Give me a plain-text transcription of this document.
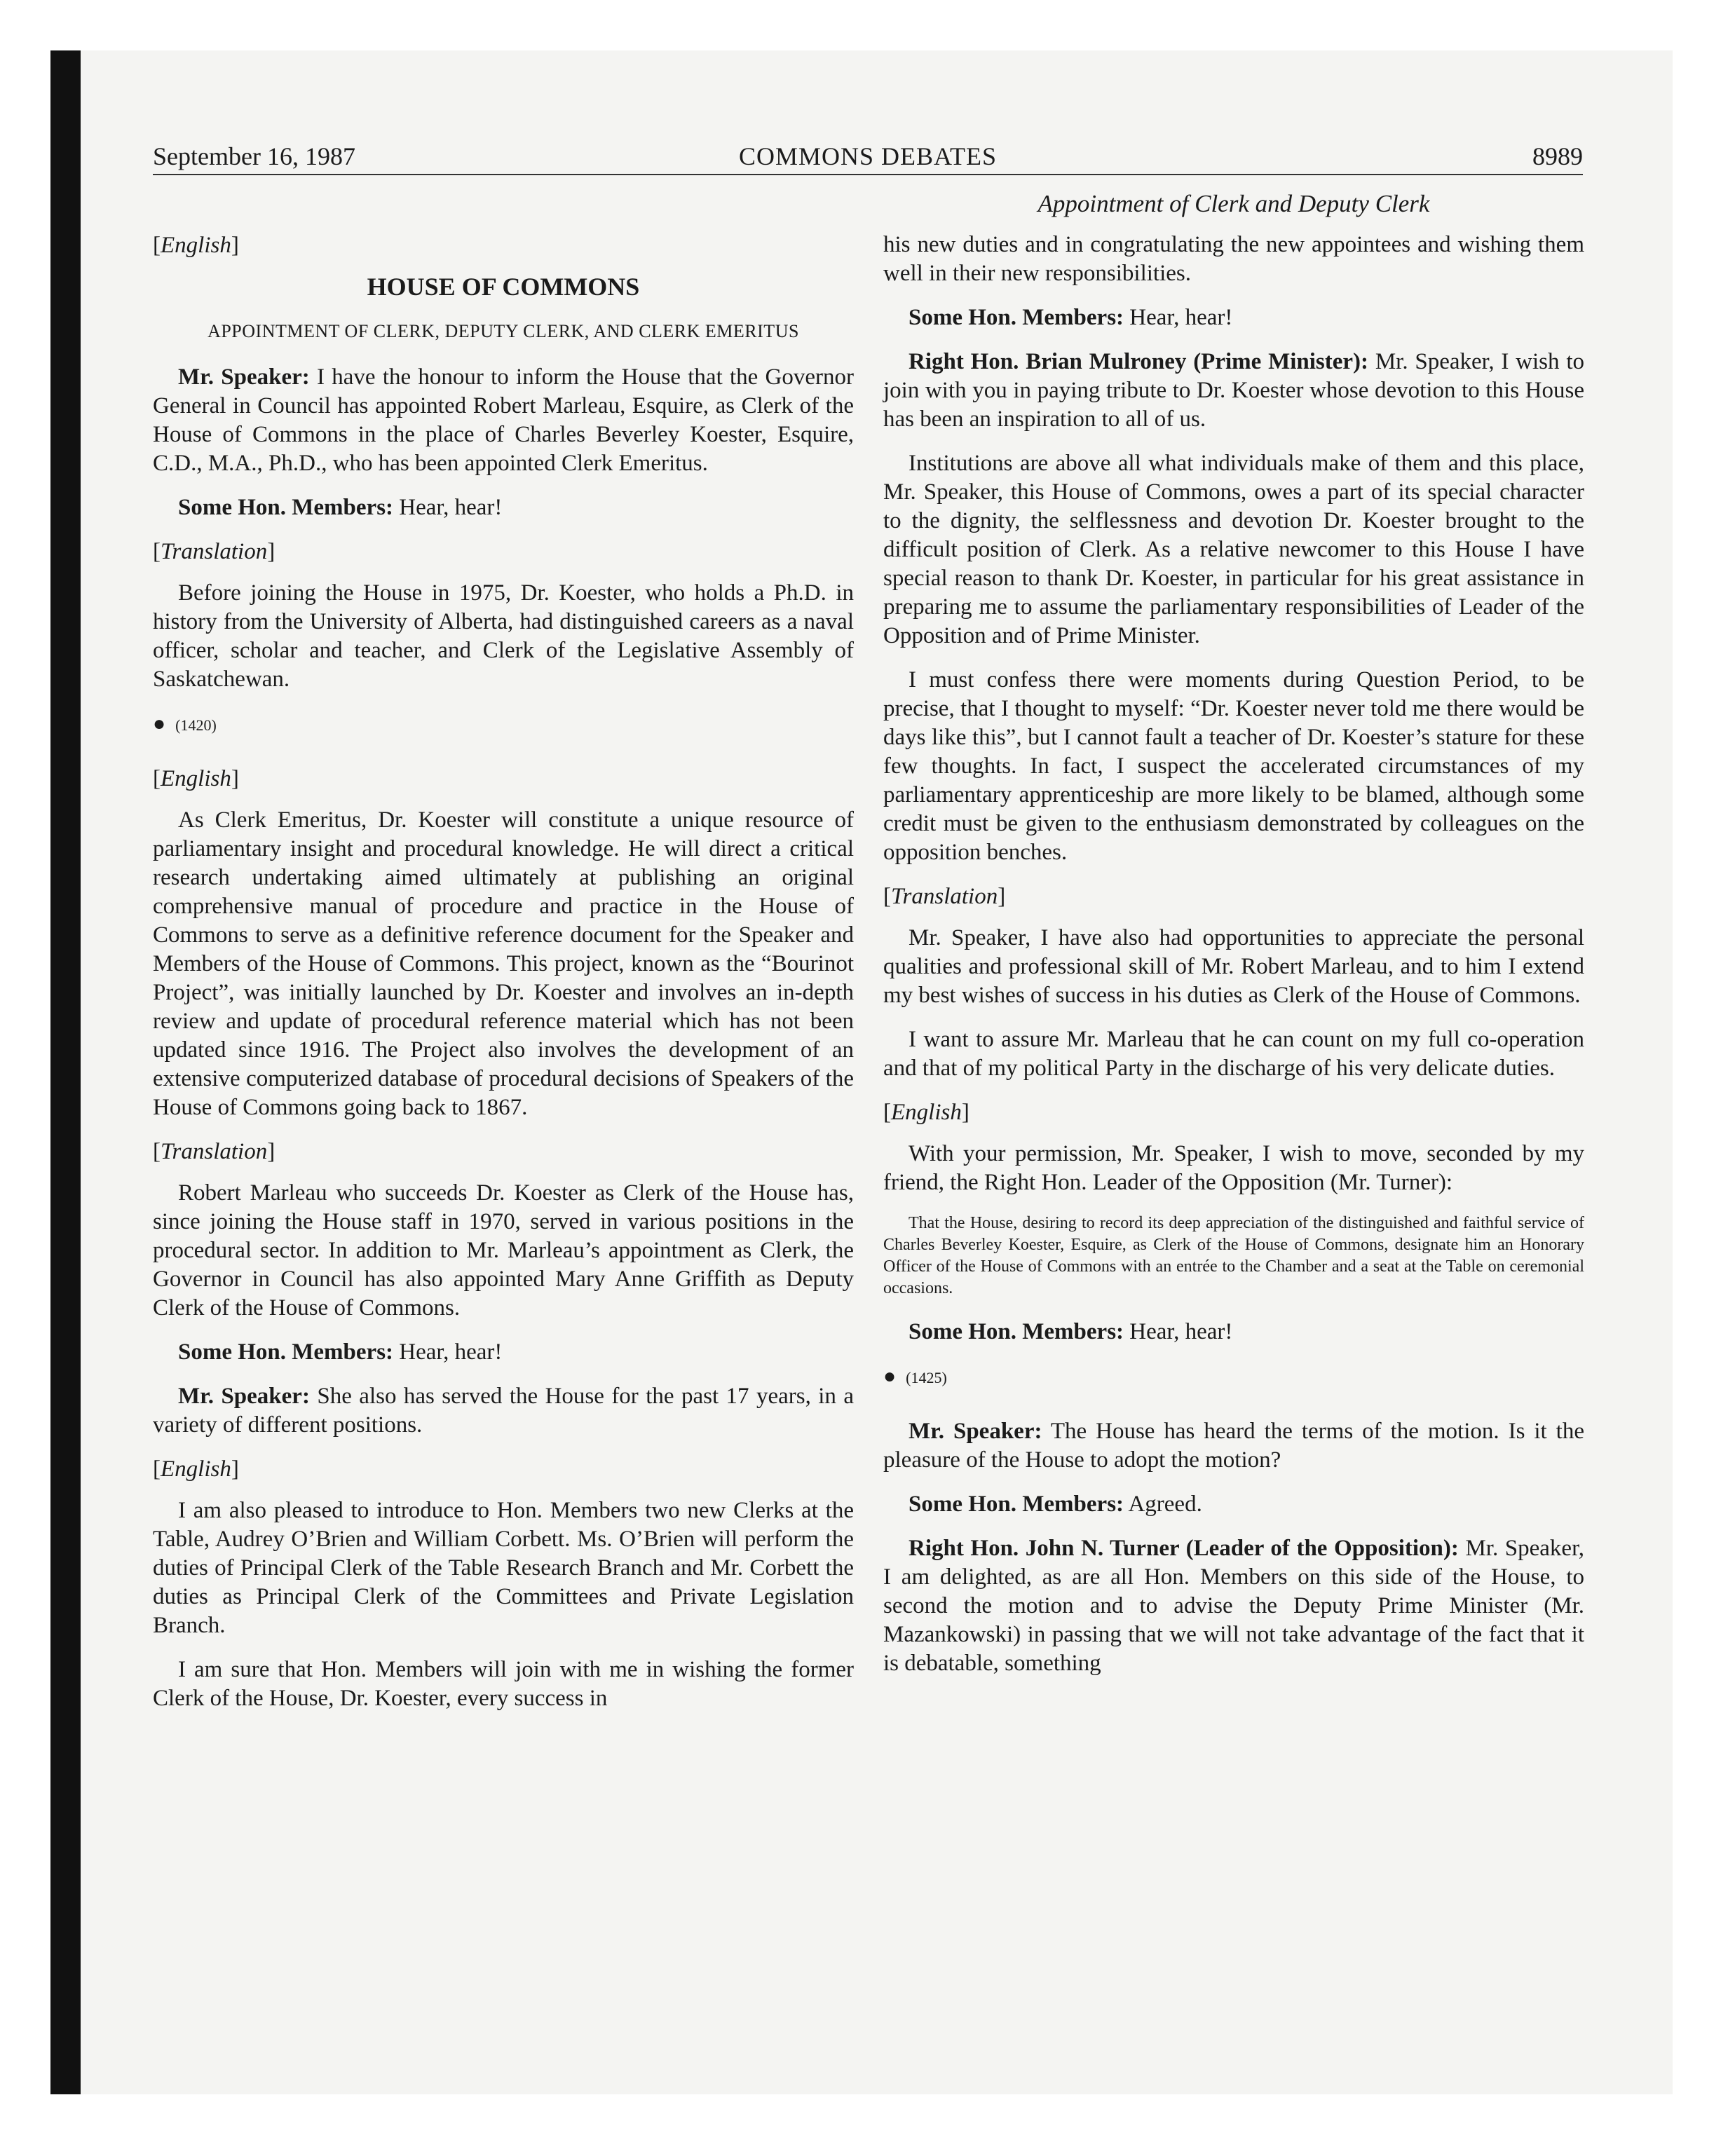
September 16, 1987	COMMONS DEBATES	8989

[English]

HOUSE OF COMMONS

APPOINTMENT OF CLERK, DEPUTY CLERK, AND CLERK EMERITUS

Mr. Speaker: I have the honour to inform the House that the Governor General in Council has appointed Robert Marleau, Esquire, as Clerk of the House of Commons in the place of Charles Beverley Koester, Esquire, C.D., M.A., Ph.D., who has been appointed Clerk Emeritus.

Some Hon. Members: Hear, hear!

[Translation]

Before joining the House in 1975, Dr. Koester, who holds a Ph.D. in history from the University of Alberta, had distinguished careers as a naval officer, scholar and teacher, and Clerk of the Legislative Assembly of Saskatchewan.

● (1420)

[English]

As Clerk Emeritus, Dr. Koester will constitute a unique resource of parliamentary insight and procedural knowledge. He will direct a critical research undertaking aimed ultimately at publishing an original comprehensive manual of procedure and practice in the House of Commons to serve as a definitive reference document for the Speaker and Members of the House of Commons. This project, known as the “Bourinot Project”, was initially launched by Dr. Koester and involves an in-depth review and update of procedural reference material which has not been updated since 1916. The Project also involves the development of an extensive computerized database of procedural decisions of Speakers of the House of Commons going back to 1867.

[Translation]

Robert Marleau who succeeds Dr. Koester as Clerk of the House has, since joining the House staff in 1970, served in various positions in the procedural sector. In addition to Mr. Marleau’s appointment as Clerk, the Governor in Council has also appointed Mary Anne Griffith as Deputy Clerk of the House of Commons.

Some Hon. Members: Hear, hear!

Mr. Speaker: She also has served the House for the past 17 years, in a variety of different positions.

[English]

I am also pleased to introduce to Hon. Members two new Clerks at the Table, Audrey O’Brien and William Corbett. Ms. O’Brien will perform the duties of Principal Clerk of the Table Research Branch and Mr. Corbett the duties as Principal Clerk of the Committees and Private Legislation Branch.

I am sure that Hon. Members will join with me in wishing the former Clerk of the House, Dr. Koester, every success in

Appointment of Clerk and Deputy Clerk

his new duties and in congratulating the new appointees and wishing them well in their new responsibilities.

Some Hon. Members: Hear, hear!

Right Hon. Brian Mulroney (Prime Minister): Mr. Speaker, I wish to join with you in paying tribute to Dr. Koester whose devotion to this House has been an inspiration to all of us.

Institutions are above all what individuals make of them and this place, Mr. Speaker, this House of Commons, owes a part of its special character to the dignity, the selflessness and devotion Dr. Koester brought to the difficult position of Clerk. As a relative newcomer to this House I have special reason to thank Dr. Koester, in particular for his great assistance in preparing me to assume the parliamentary responsibilities of Leader of the Opposition and of Prime Minister.

I must confess there were moments during Question Period, to be precise, that I thought to myself: “Dr. Koester never told me there would be days like this”, but I cannot fault a teacher of Dr. Koester’s stature for these few thoughts. In fact, I suspect the accelerated circumstances of my parliamentary apprenticeship are more likely to be blamed, although some credit must be given to the enthusiasm demonstrated by colleagues on the opposition benches.

[Translation]

Mr. Speaker, I have also had opportunities to appreciate the personal qualities and professional skill of Mr. Robert Marleau, and to him I extend my best wishes of success in his duties as Clerk of the House of Commons.

I want to assure Mr. Marleau that he can count on my full co-operation and that of my political Party in the discharge of his very delicate duties.

[English]

With your permission, Mr. Speaker, I wish to move, seconded by my friend, the Right Hon. Leader of the Opposition (Mr. Turner):

That the House, desiring to record its deep appreciation of the distinguished and faithful service of Charles Beverley Koester, Esquire, as Clerk of the House of Commons, designate him an Honorary Officer of the House of Commons with an entrée to the Chamber and a seat at the Table on ceremonial occasions.

Some Hon. Members: Hear, hear!

● (1425)

Mr. Speaker: The House has heard the terms of the motion. Is it the pleasure of the House to adopt the motion?

Some Hon. Members: Agreed.

Right Hon. John N. Turner (Leader of the Opposition): Mr. Speaker, I am delighted, as are all Hon. Members on this side of the House, to second the motion and to advise the Deputy Prime Minister (Mr. Mazankowski) in passing that we will not take advantage of the fact that it is debatable, something
